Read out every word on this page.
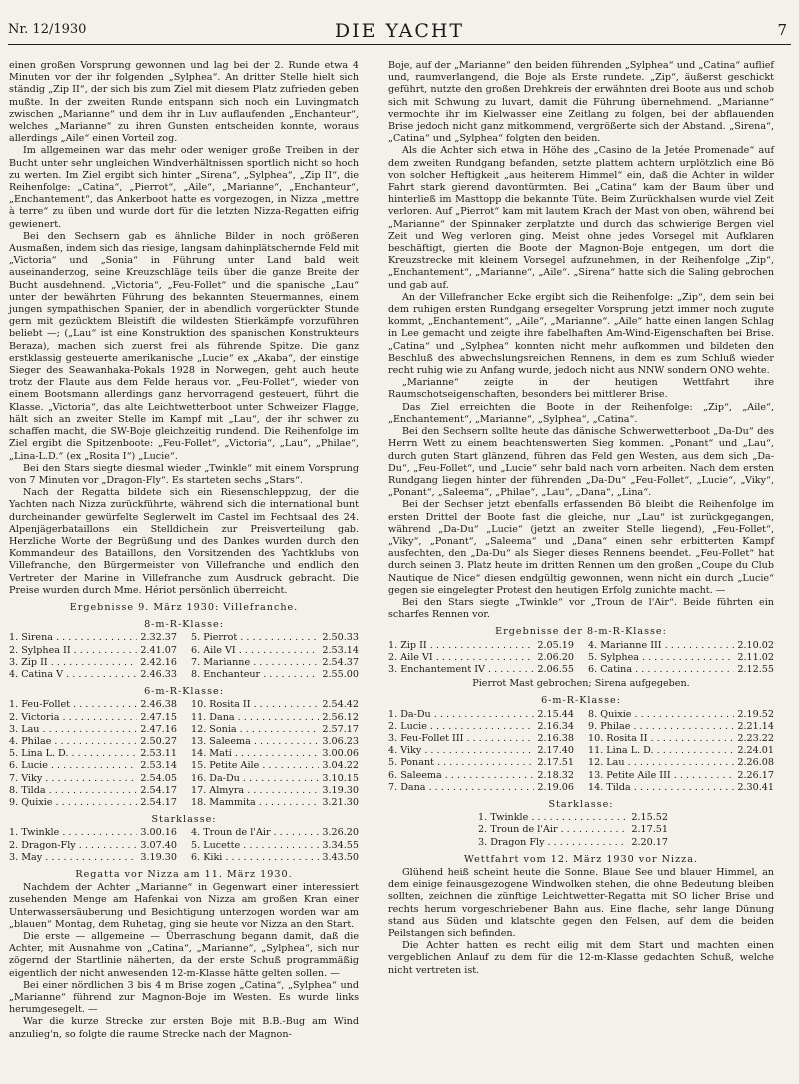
Nr. 12/1930	DIE YACHT	7

einen großen Vorsprung gewonnen und lag bei der 2. Runde etwa 4 Minuten vor der ihr folgenden „Sylphea“. An dritter Stelle hielt sich ständig „Zip II“, der sich bis zum Ziel mit diesem Platz zufrieden geben mußte. In der zweiten Runde entspann sich noch ein Luvingmatch zwischen „Marianne“ und dem ihr in Luv auflaufenden „Enchanteur“, welches „Marianne“ zu ihren Gunsten entscheiden konnte, woraus allerdings „Aile“ einen Vorteil zog.

Im allgemeinen war das mehr oder weniger große Treiben in der Bucht unter sehr ungleichen Windverhältnissen sportlich nicht so hoch zu werten. Im Ziel ergibt sich hinter „Sirena“, „Sylphea“, „Zip II“, die Reihenfolge: „Catina“, „Pierrot“, „Aile“, „Marianne“, „Enchanteur“, „Enchantement“, das Ankerboot hatte es vorgezogen, in Nizza „mettre à terre“ zu üben und wurde dort für die letzten Nizza-Regatten eifrig gewienert.

Bei den Sechsern gab es ähnliche Bilder in noch größeren Ausmaßen, indem sich das riesige, langsam dahinplätschernde Feld mit „Victoria“ und „Sonia“ in Führung unter Land bald weit auseinanderzog, seine Kreuzschläge teils über die ganze Breite der Bucht ausdehnend. „Victoria“, „Feu-Follet“ und die spanische „Lau“ unter der bewährten Führung des bekannten Steuermannes, einem jungen sympathischen Spanier, der in abendlich vorgerückter Stunde gern mit gezücktem Bleistift die wildesten Stierkämpfe vorzuführen beliebt —; („Lau“ ist eine Konstruktion des spanischen Konstrukteurs Beraza), machen sich zuerst frei als führende Spitze. Die ganz erstklassig gesteuerte amerikanische „Lucie“ ex „Akaba“, der einstige Sieger des Seawanhaka-Pokals 1928 in Norwegen, geht auch heute trotz der Flaute aus dem Felde heraus vor. „Feu-Follet“, wieder von einem Bootsmann allerdings ganz hervorragend gesteuert, führt die Klasse. „Victoria“, das alte Leichtwetterboot unter Schweizer Flagge, hält sich an zweiter Stelle im Kampf mit „Lau“, der ihr schwer zu schaffen macht, die SW-Boje gleichzeitig rundend. Die Reihenfolge im Ziel ergibt die Spitzenboote: „Feu-Follet“, „Victoria“, „Lau“, „Philae“, „Lina-L.D.“ (ex „Rosita I“) „Lucie“.

Bei den Stars siegte diesmal wieder „Twinkle“ mit einem Vorsprung von 7 Minuten vor „Dragon-Fly“. Es starteten sechs „Stars“.

Nach der Regatta bildete sich ein Riesenschleppzug, der die Yachten nach Nizza zurückführte, während sich die international bunt durcheinander gewürfelte Seglerwelt im Castel im Fechtsaal des 24. Alpenjägerbataillons ein Stelldichein zur Preisverteilung gab. Herzliche Worte der Begrüßung und des Dankes wurden durch den Kommandeur des Bataillons, den Vorsitzenden des Yachtklubs von Villefranche, den Bürgermeister von Villefranche und endlich den Vertreter der Marine in Villefranche zum Ausdruck gebracht. Die Preise wurden durch Mme. Hériot persönlich überreicht.

Ergebnisse 9. März 1930: Villefranche.
8-m-R-Klasse:
1. Sirena . . .	2.32.37 5. Pierrot . . .	2.50.33
2. Sylphea II . . .	2.41.07 6. Aile VI . . .	2.53.14
3. Zip II . . .	2.42.16 7. Marianne . . .	2.54.37
4. Catina V . . .	2.46.33 8. Enchanteur . . .	2.55.00
6-m-R-Klasse:
1. Feu-Follet . . .	2.46.38 10. Rosita II . . .	2.54.42
2. Victoria . . .	2.47.15 11. Dana . . .	2.56.12
3. Lau . . .	2.47.16 12. Sonia . . .	2.57.17
4. Philae . . .	2.50.27 13. Saleema . . .	3.06.23
5. Lina L. D. . . .	2.53.11 14. Mati . . .	3.00.06
6. Lucie . . .	2.53.14 15. Petite Aile . . .	3.04.22
7. Viky . . .	2.54.05 16. Da-Du . . .	3.10.15
8. Tilda . . .	2.54.17 17. Almyra . . .	3.19.30
9. Quixie . . .	2.54.17 18. Mammita . . .	3.21.30
Starklasse:
1. Twinkle . . .	3.00.16 4. Troun de l'Air . . .	3.26.20
2. Dragon-Fly . . .	3.07.40 5. Lucette . . .	3.34.55
3. May . . .	3.19.30 6. Kiki . . .	3.43.50
Regatta vor Nizza am 11. März 1930.

Nachdem der Achter „Marianne“ in Gegenwart einer interessiert zusehenden Menge am Hafenkai von Nizza am großen Kran einer Unterwassersäuberung und Besichtigung unterzogen worden war am „blauen“ Montag, dem Ruhetag, ging sie heute vor Nizza an den Start.

Die erste — allgemeine — Überraschung begann damit, daß die Achter, mit Ausnahme von „Catina“, „Marianne“, „Sylphea“, sich nur zögernd der Startlinie näherten, da der erste Schuß programmäßig eigentlich der nicht anwesenden 12-m-Klasse hätte gelten sollen. —

Bei einer nördlichen 3 bis 4 m Brise zogen „Catina“, „Sylphea“ und „Marianne“ führend zur Magnon-Boje im Westen. Es wurde links herumgesegelt. —

War die kurze Strecke zur ersten Boje mit B.B.-Bug am Wind anzulieg'n, so folgte die raume Strecke nach der Magnon-

Boje, auf der „Marianne“ den beiden führenden „Sylphea“ und „Catina“ auflief und, raumverlangend, die Boje als Erste rundete. „Zip“, äußerst geschickt geführt, nutzte den großen Drehkreis der erwähnten drei Boote aus und schob sich mit Schwung zu luvart, damit die Führung übernehmend. „Marianne“ vermochte ihr im Kielwasser eine Zeitlang zu folgen, bei der abflauenden Brise jedoch nicht ganz mitkommend, vergrößerte sich der Abstand. „Sirena“, „Catina“ und „Sylphea“ folgten den beiden.

Als die Achter sich etwa in Höhe des „Casino de la Jetée Promenade“ auf dem zweiten Rundgang befanden, setzte plattem achtern urplötzlich eine Bö von solcher Heftigkeit „aus heiterem Himmel“ ein, daß die Achter in wilder Fahrt stark gierend davontürmten. Bei „Catina“ kam der Baum über und hinterließ im Masttopp die bekannte Tüte. Beim Zurückhalsen wurde viel Zeit verloren. Auf „Pierrot“ kam mit lautem Krach der Mast von oben, während bei „Marianne“ der Spinnaker zerplatzte und durch das schwierige Bergen viel Zeit und Weg verloren ging. Meist ohne jedes Vorsegel mit Aufklaren beschäftigt, gierten die Boote der Magnon-Boje entgegen, um dort die Kreuzstrecke mit kleinem Vorsegel aufzunehmen, in der Reihenfolge „Zip“, „Enchantement“, „Marianne“, „Aile“. „Sirena“ hatte sich die Saling gebrochen und gab auf.

An der Villefrancher Ecke ergibt sich die Reihenfolge: „Zip“, dem sein bei dem ruhigen ersten Rundgang ersegelter Vorsprung jetzt immer noch zugute kommt, „Enchantement“, „Aile“, „Marianne“. „Aile“ hatte einen langen Schlag in Lee gemacht und zeigte ihre fabelhaften Am-Wind-Eigenschaften bei Brise. „Catina“ und „Sylphea“ konnten nicht mehr aufkommen und bildeten den Beschluß des abwechslungsreichen Rennens, in dem es zum Schluß wieder recht ruhig wie zu Anfang wurde, jedoch nicht aus NNW sondern ONO wehte.

„Marianne“ zeigte in der heutigen Wettfahrt ihre Raumschotseigenschaften, besonders bei mittlerer Brise.

Das Ziel erreichten die Boote in der Reihenfolge: „Zip“, „Aile“, „Enchantement“, „Marianne“, „Sylphea“, „Catina“.

Bei den Sechsern sollte heute das dänische Schwerwetterboot „Da-Du“ des Herrn Wett zu einem beachtenswerten Sieg kommen. „Ponant“ und „Lau“, durch guten Start glänzend, führen das Feld gen Westen, aus dem sich „Da-Du“, „Feu-Follet“, und „Lucie“ sehr bald nach vorn arbeiten. Nach dem ersten Rundgang liegen hinter der führenden „Da-Du“ „Feu-Follet“, „Lucie“, „Viky“, „Ponant“, „Saleema“, „Philae“, „Lau“, „Dana“, „Lina“.

Bei der Sechser jetzt ebenfalls erfassenden Bö bleibt die Reihenfolge im ersten Drittel der Boote fast die gleiche, nur „Lau“ ist zurückgegangen, während „Da-Du“ „Lucie“ (jetzt an zweiter Stelle liegend), „Feu-Follet“, „Viky“, „Ponant“, „Saleema“ und „Dana“ einen sehr erbitterten Kampf ausfechten, den „Da-Du“ als Sieger dieses Rennens beendet. „Feu-Follet“ hat durch seinen 3. Platz heute im dritten Rennen um den großen „Coupe du Club Nautique de Nice“ diesen endgültig gewonnen, wenn nicht ein durch „Lucie“ gegen sie eingelegter Protest den heutigen Erfolg zunichte macht. —

Bei den Stars siegte „Twinkle“ vor „Troun de l'Air“. Beide führten ein scharfes Rennen vor.

Ergebnisse der 8-m-R-Klasse:
1. Zip II . . .	2.05.19 4. Marianne III . . .	2.10.02
2. Aile VI . . .	2.06.20 5. Sylphea . . .	2.11.02
3. Enchantement IV . . .	2.06.55 6. Catina . . .	2.12.55
Pierrot Mast gebrochen; Sirena aufgegeben.
6-m-R-Klasse:
1. Da-Du . . .	2.15.44 8. Quixie . . .	2.19.52
2. Lucie . . .	2.16.34 9. Philae . . .	2.21.14
3. Feu-Follet III . . .	2.16.38 10. Rosita II . . .	2.23.22
4. Viky . . .	2.17.40 11. Lina L. D. . . .	2.24.01
5. Ponant . . .	2.17.51 12. Lau . . .	2.26.08
6. Saleema . . .	2.18.32 13. Petite Aile III . . .	2.26.17
7. Dana . . .	2.19.06 14. Tilda . . .	2.30.41
Starklasse:
1. Twinkle . . .	2.15.52
2. Troun de l'Air . . .	2.17.51
3. Dragon Fly . . .	2.20.17
Wettfahrt vom 12. März 1930 vor Nizza.

Glühend heiß scheint heute die Sonne. Blaue See und blauer Himmel, an dem einige feinausgezogene Windwolken stehen, die ohne Bedeutung bleiben sollten, zeichnen die zünftige Leichtwetter-Regatta mit SO licher Brise und rechts herum vorgeschriebener Bahn aus. Eine flache, sehr lange Dünung stand aus Süden und klatschte gegen den Felsen, auf dem die beiden Peilstangen sich befinden.

Die Achter hatten es recht eilig mit dem Start und machten einen vergeblichen Anlauf zu dem für die 12-m-Klasse gedachten Schuß, welche nicht vertreten ist.
